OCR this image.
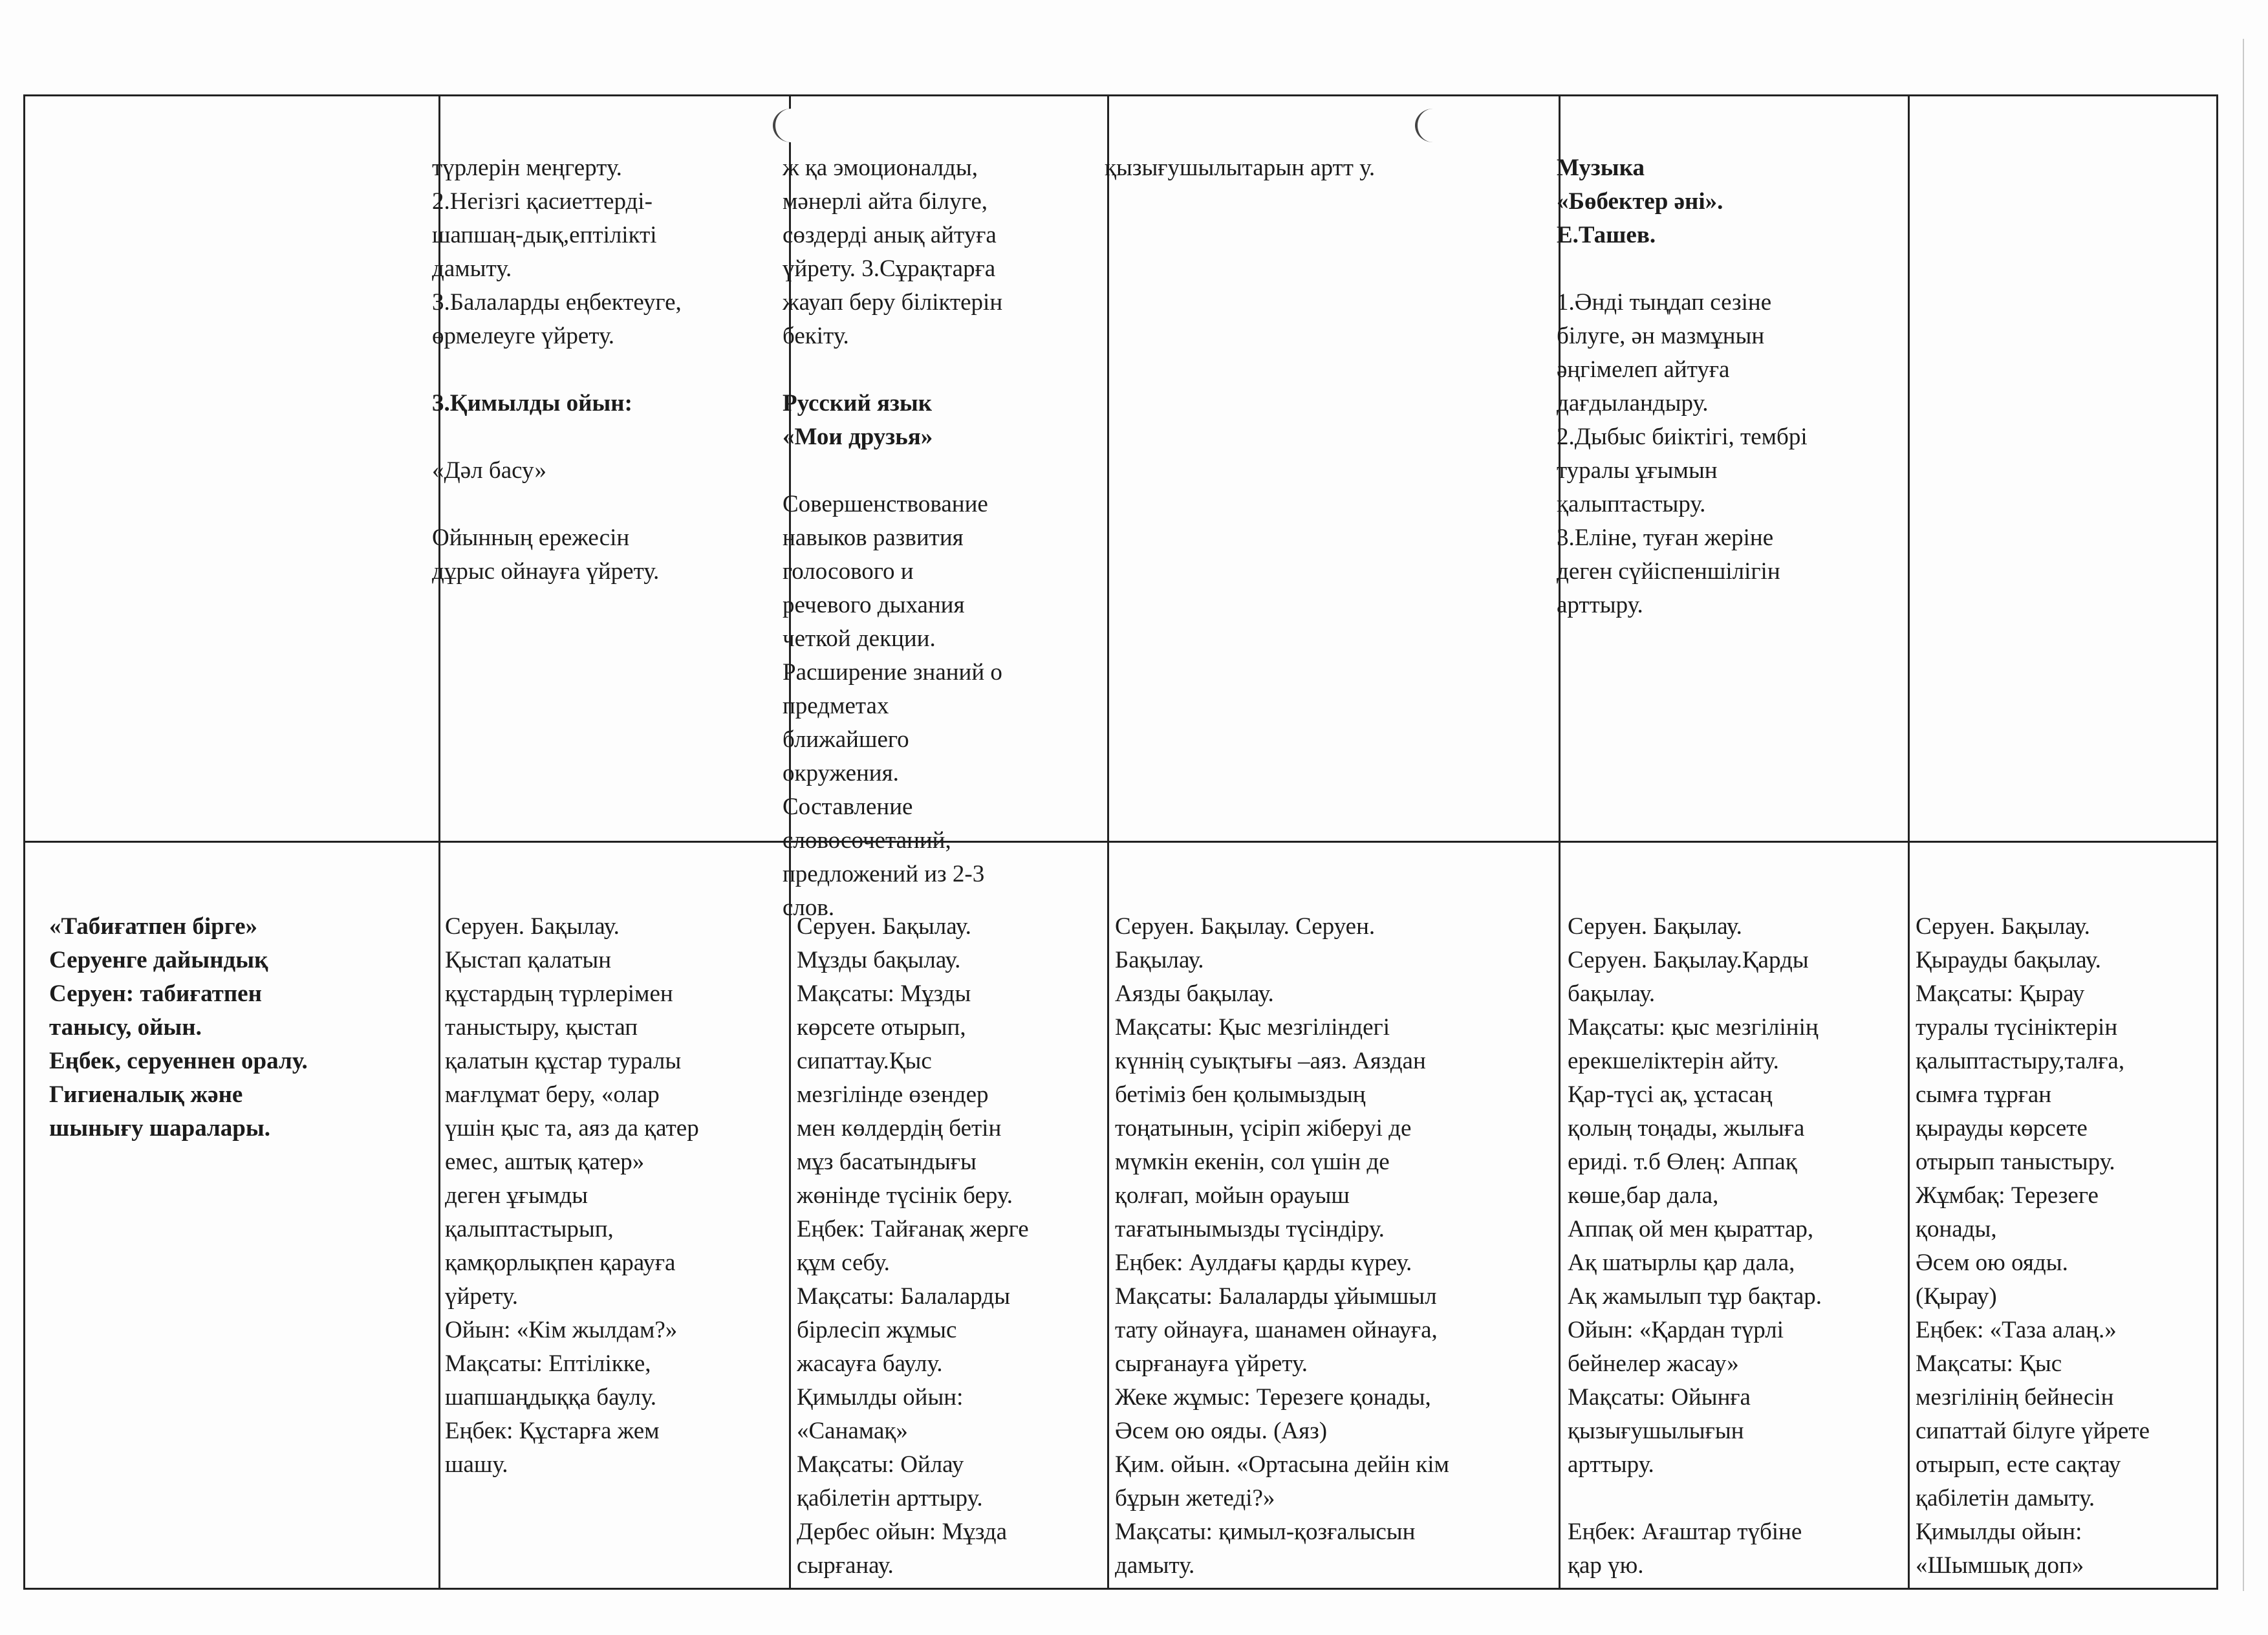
түрлерін меңгерту.
2.Негізгі қасиеттерді-
шапшаң-дық,ептілікті
дамыту.
3.Балаларды еңбектеуге,
өрмелеуге үйрету.

3.Қимылды ойын:

«Дәл басу»

Ойынның ережесін
дұрыс ойнауға үйрету.

ж қа эмоционалды,
мәнерлі айта білуге,
сөздерді анық айтуға
үйрету. 3.Сұрақтарға
жауап беру біліктерін
бекіту.

Русский язык
«Мои друзья»

Совершенствование
навыков развития
голосового и
речевого дыхания
четкой декции.
Расширение знаний о
предметах
ближайшего
окружения.
Составление
словосочетаний,
предложений из 2-3
слов.

қызығушылытарын артт у.	Музыка
«Бөбектер әні».
Е.Ташев.

1.Әнді тыңдап сезіне
білуге, ән мазмұнын
әңгімелеп айтуға
дағдыландыру.
2.Дыбыс биіктігі, тембрі
туралы ұғымын
қалыптастыру.
3.Еліне, туған жеріне
деген сүйіспеншілігін
арттыру.

«Табиғатпен бірге»
Серуенге дайындық
Серуен: табиғатпен
танысу, ойын.
Еңбек, серуеннен оралу.
Гигиеналық және
шынығу шаралары.

Серуен. Бақылау.
Қыстап қалатын
құстардың түрлерімен
таныстыру, қыстап
қалатын құстар туралы
мағлұмат беру, «олар
үшін қыс та, аяз да қатер
емес, аштық қатер»
деген ұғымды
қалыптастырып,
қамқорлықпен қарауға
үйрету.
Ойын: «Кім жылдам?»
Мақсаты: Ептілікке,
шапшаңдыққа баулу.
Еңбек: Құстарға жем
шашу.

Серуен. Бақылау.
Мұзды бақылау.
Мақсаты: Мұзды
көрсете отырып,
сипаттау.Қыс
мезгілінде өзендер
мен көлдердің бетін
мұз басатындығы
жөнінде түсінік беру.
Еңбек: Тайғанақ жерге
құм себу.
Мақсаты: Балаларды
бірлесіп жұмыс
жасауға баулу.
Қимылды ойын:
«Санамақ»
Мақсаты: Ойлау
қабілетін арттыру.
Дербес ойын: Мұзда
сырғанау.

Серуен. Бақылау. Серуен.
Бақылау.
Аязды бақылау.
Мақсаты: Қыс мезгіліндегі
күннің суықтығы –аяз. Аяздан
бетіміз бен қолымыздың
тоңатынын, үсіріп жіберуі де
мүмкін екенін, сол үшін де
қолғап, мойын орауыш
тағатынымызды түсіндіру.
Еңбек: Аулдағы қарды күреу.
Мақсаты: Балаларды ұйымшыл
тату ойнауға, шанамен ойнауға,
сырғанауға үйрету.
Жеке жұмыс: Терезеге қонады,
Әсем ою ояды. (Аяз)
Қим. ойын. «Ортасына дейін кім
бұрын жетеді?»
Мақсаты: қимыл-қозғалысын
дамыту.

Серуен. Бақылау.
Серуен. Бақылау.Қарды
бақылау.
Мақсаты: қыс мезгілінің
ерекшеліктерін айту.
Қар-түсі ақ, ұстасаң
қолың тоңады, жылыға
ериді. т.б Өлең: Аппақ
көше,бар дала,
Аппақ ой мен қыраттар,
Ақ шатырлы қар дала,
Ақ жамылып тұр бақтар.
Ойын: «Қардан түрлі
бейнелер жасау»
Мақсаты: Ойынға
қызығушылығын
арттыру.

Еңбек: Ағаштар түбіне
қар үю.

Серуен. Бақылау.
Қырауды бақылау.
Мақсаты: Қырау
туралы түсініктерін
қалыптастыру,талға,
сымға тұрған
қырауды көрсете
отырып таныстыру.
Жұмбақ: Терезеге
қонады,
Әсем ою ояды.
(Қырау)
Еңбек: «Таза алаң.»
Мақсаты: Қыс
мезгілінің бейнесін
сипаттай білуге үйрете
отырып, есте сақтау
қабілетін дамыту.
Қимылды ойын:
«Шымшық доп»
